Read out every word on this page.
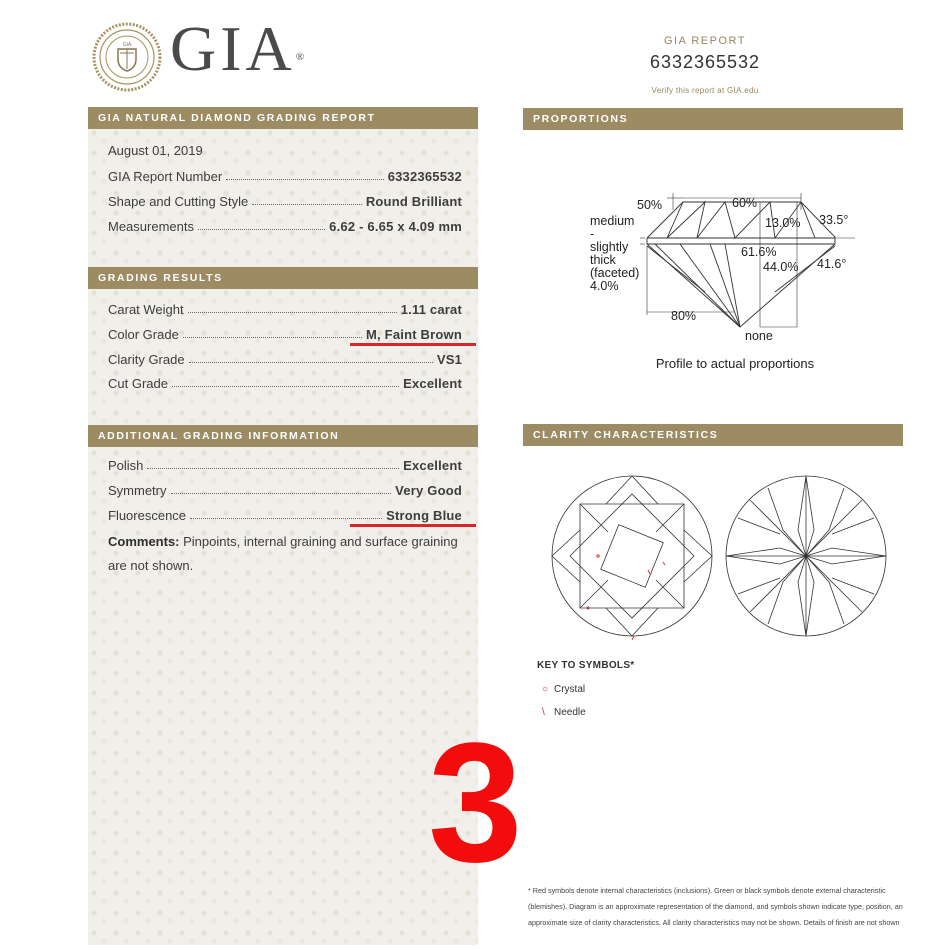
GIA GIA®
GIA REPORT
6332365532
Verify this report at GIA.edu
GIA NATURAL DIAMOND GRADING REPORT
August 01, 2019
GIA Report Number	6332365532
Shape and Cutting Style	Round Brilliant
Measurements	6.62 - 6.65 x 4.09 mm
GRADING RESULTS
Carat Weight	1.11 carat
Color Grade	M, Faint Brown
Clarity Grade	VS1
Cut Grade	Excellent
ADDITIONAL GRADING INFORMATION
Polish	Excellent
Symmetry	Very Good
Fluorescence	Strong Blue
Comments: Pinpoints, internal graining and surface graining are not shown.
PROPORTIONS
50%	60%
13.0% 33.5°
medium
-
slightly
thick
(faceted)
4.0%
61.6%
44.0% 41.6°
80%
none
Profile to actual proportions
CLARITY CHARACTERISTICS
KEY TO SYMBOLS*
○ Crystal
\ Needle
* Red symbols denote internal characteristics (inclusions). Green or black symbols denote external characteristic
(blemishes). Diagram is an approximate representation of the diamond, and symbols shown indicate type, position, an
approximate size of clarity characteristics. All clarity characteristics may not be shown. Details of finish are not shown
3
